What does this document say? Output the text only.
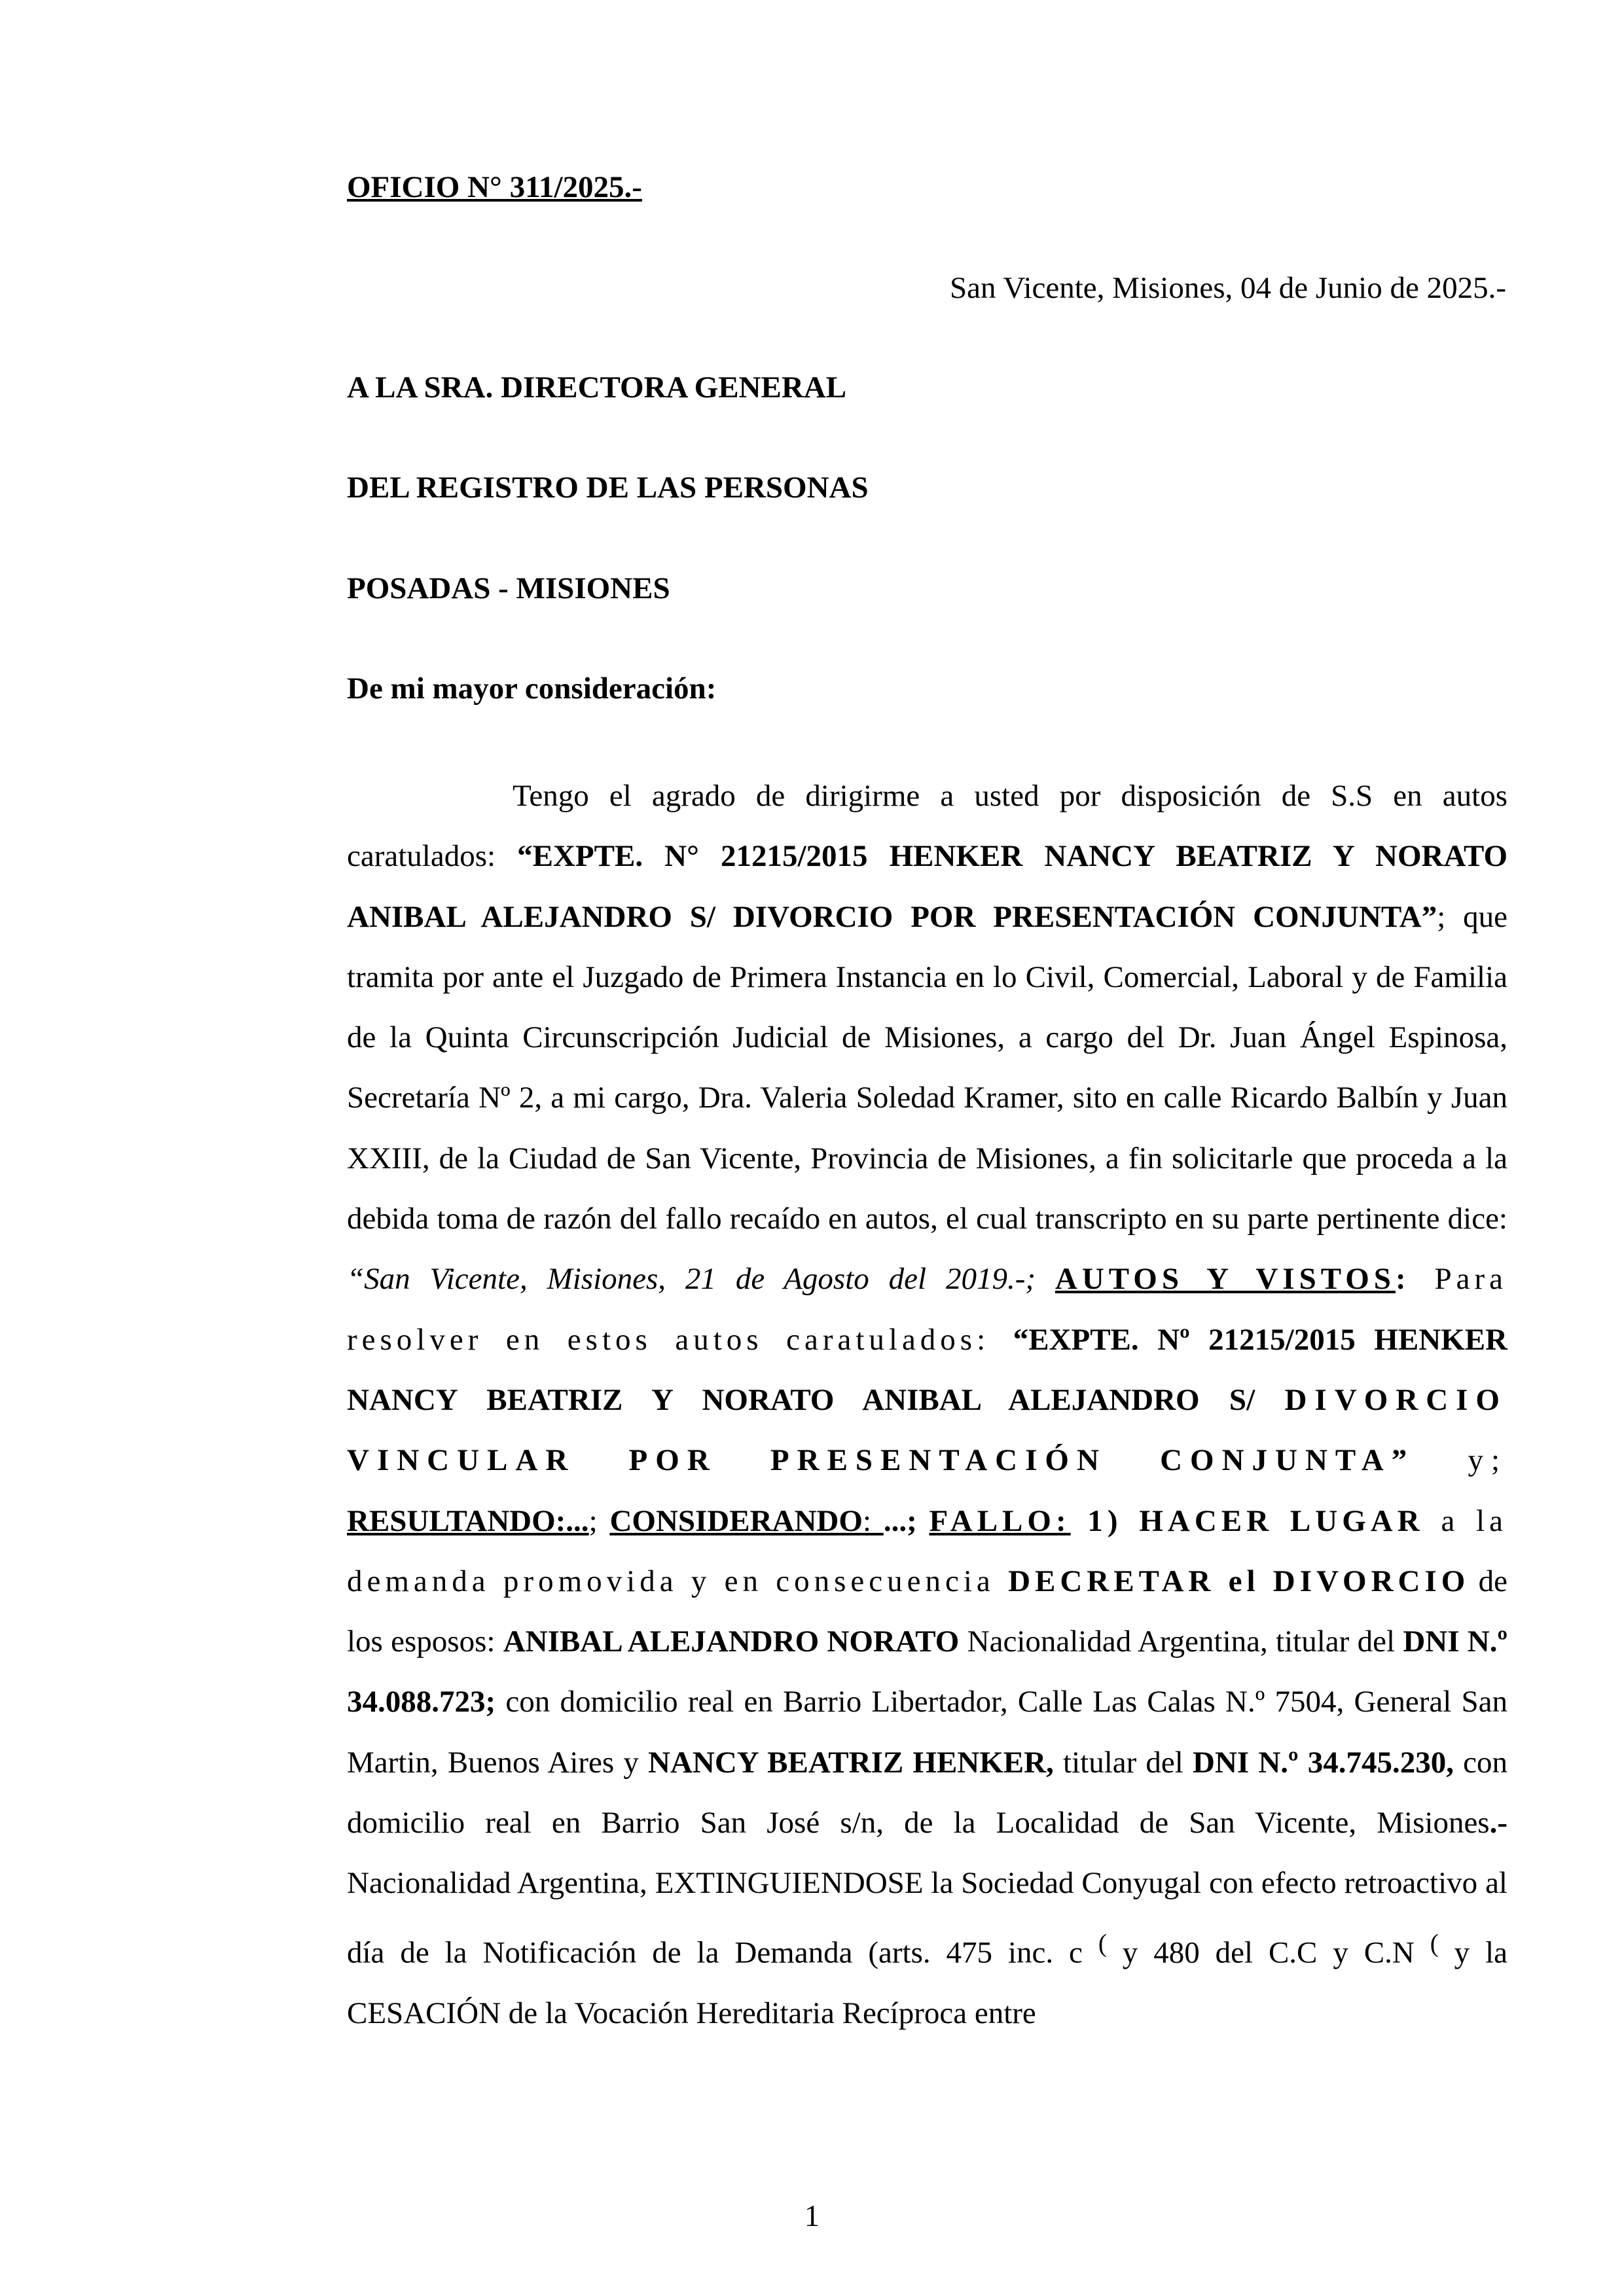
OFICIO N° 311/2025.-

San Vicente, Misiones, 04 de Junio de 2025.-

A LA SRA. DIRECTORA GENERAL

DEL REGISTRO DE LAS PERSONAS

POSADAS - MISIONES

De mi mayor consideración:

Tengo el agrado de dirigirme a usted por disposición de S.S en autos caratulados: “EXPTE. N° 21215/2015 HENKER NANCY BEATRIZ Y NORATO ANIBAL ALEJANDRO S/ DIVORCIO POR PRESENTACIÓN CONJUNTA”; que tramita por ante el Juzgado de Primera Instancia en lo Civil, Comercial, Laboral y de Familia de la Quinta Circunscripción Judicial de Misiones, a cargo del Dr. Juan Ángel Espinosa, Secretaría Nº 2, a mi cargo, Dra. Valeria Soledad Kramer, sito en calle Ricardo Balbín y Juan XXIII, de la Ciudad de San Vicente, Provincia de Misiones, a fin solicitarle que proceda a la debida toma de razón del fallo recaído en autos, el cual transcripto en su parte pertinente dice: “San Vicente, Misiones, 21 de Agosto del 2019.-; AUTOS Y VISTOS: Para resolver en estos autos caratulados: “EXPTE. Nº 21215/2015 HENKER NANCY BEATRIZ Y NORATO ANIBAL ALEJANDRO S/ DIVORCIO VINCULAR POR PRESENTACIÓN CONJUNTA” y; RESULTANDO:...; CONSIDERANDO: ...; FALLO: 1) HACER LUGAR a la demanda promovida y en consecuencia DECRETAR el DIVORCIO de los esposos: ANIBAL ALEJANDRO NORATO Nacionalidad Argentina, titular del DNI N.º 34.088.723; con domicilio real en Barrio Libertador, Calle Las Calas N.º 7504, General San Martin, Buenos Aires y NANCY BEATRIZ HENKER, titular del DNI N.º 34.745.230, con domicilio real en Barrio San José s/n, de la Localidad de San Vicente, Misiones.- Nacionalidad Argentina, EXTINGUIENDOSE la Sociedad Conyugal con efecto retroactivo al día de la Notificación de la Demanda (arts. 475 inc. c ( y 480 del C.C y C.N ( y la CESACIÓN de la Vocación Hereditaria Recíproca entre

1
